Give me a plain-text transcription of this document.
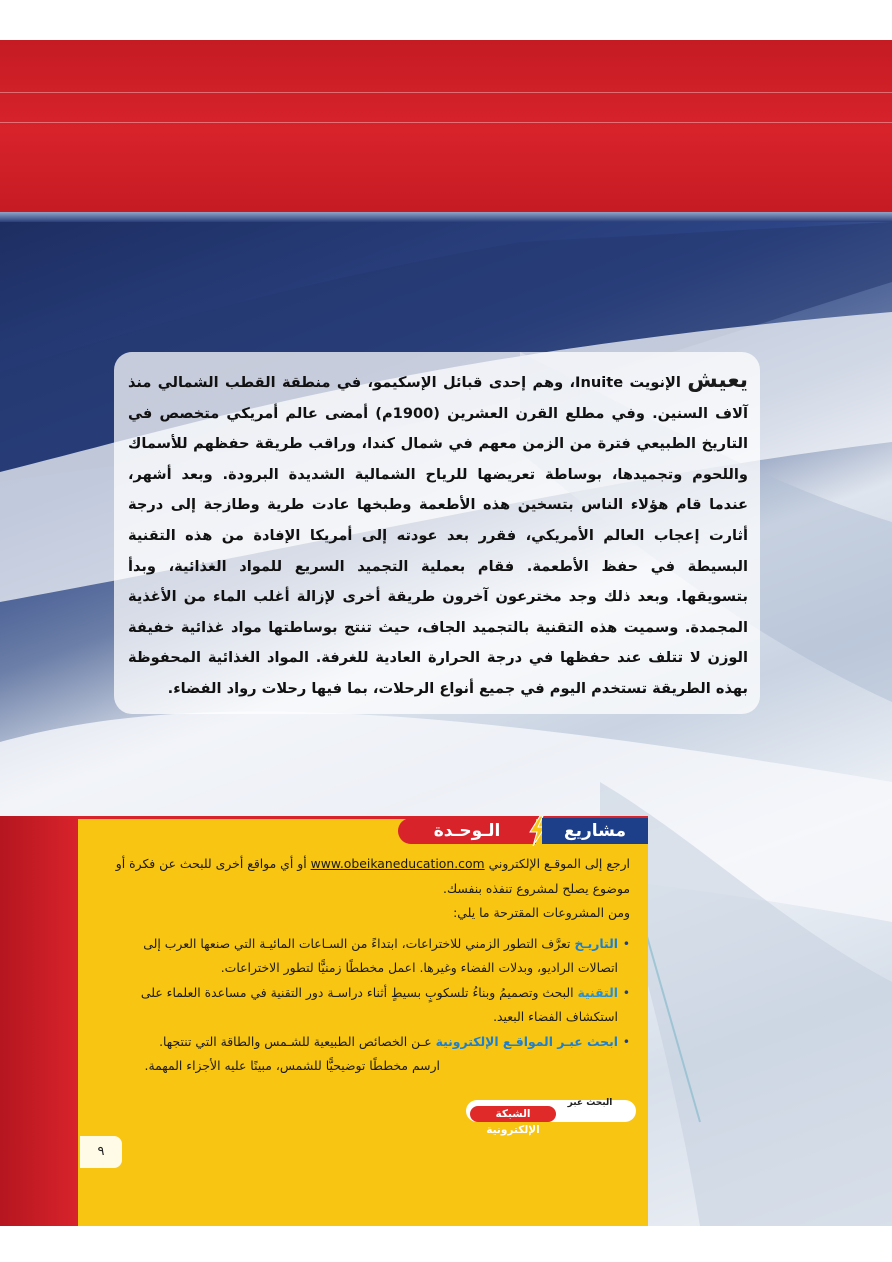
يعيش الإنويت Inuite، وهم إحدى قبائل الإسكيمو، في منطقة القطب الشمالي منذ آلاف السنين. وفي مطلع القرن العشرين (1900م) أمضى عالم أمريكي متخصص في التاريخ الطبيعي فترة من الزمن معهم في شمال كندا، وراقب طريقة حفظهم للأسماك واللحوم وتجميدها، بوساطة تعريضها للرياح الشمالية الشديدة البرودة. وبعد أشهر، عندما قام هؤلاء الناس بتسخين هذه الأطعمة وطبخها عادت طرية وطازجة إلى درجة أثارت إعجاب العالم الأمريكي، فقرر بعد عودته إلى أمريكا الإفادة من هذه التقنية البسيطة في حفظ الأطعمة. فقام بعملية التجميد السريع للمواد الغذائية، وبدأ بتسويقها. وبعد ذلك وجد مخترعون آخرون طريقة أخرى لإزالة أغلب الماء من الأغذية المجمدة. وسميت هذه التقنية بالتجميد الجاف، حيث تنتج بوساطتها مواد غذائية خفيفة الوزن لا تتلف عند حفظها في درجة الحرارة العادية للغرفة. المواد الغذائية المحفوظة بهذه الطريقة تستخدم اليوم في جميع أنواع الرحلات، بما فيها رحلات رواد الفضاء.
الـوحـدة	مشاريع

ارجع إلى الموقـع الإلكتروني www.obeikaneducation.com أو أي مواقع أخرى للبحث عن فكرة أو موضوع يصلح لمشروع تنفذه بنفسك.

ومن المشروعات المقترحة ما يلي:

• التاريـخ تعرَّف التطور الزمني للاختراعات، ابتداءً من السـاعات المائيـة التي صنعها العرب إلى اتصالات الراديو، وبدلات الفضاء وغيرها. اعمل مخططًا زمنيًّا لتطور الاختراعات.

• التقنية البحث وتصميمُ وبناءُ تلسكوبٍ بسيطٍ أثناء دراسـة دور التقنية في مساعدة العلماء على استكشاف الفضاء البعيد.

• ابحث عبـر المواقـع الإلكترونية عـن الخصائص الطبيعية للشـمس والطاقة التي تنتجها.

ارسم مخططًا توضيحيًّا للشمس، مبينًا عليه الأجزاء المهمة.

البحث عبر
الشبكة الإلكترونية
٩
